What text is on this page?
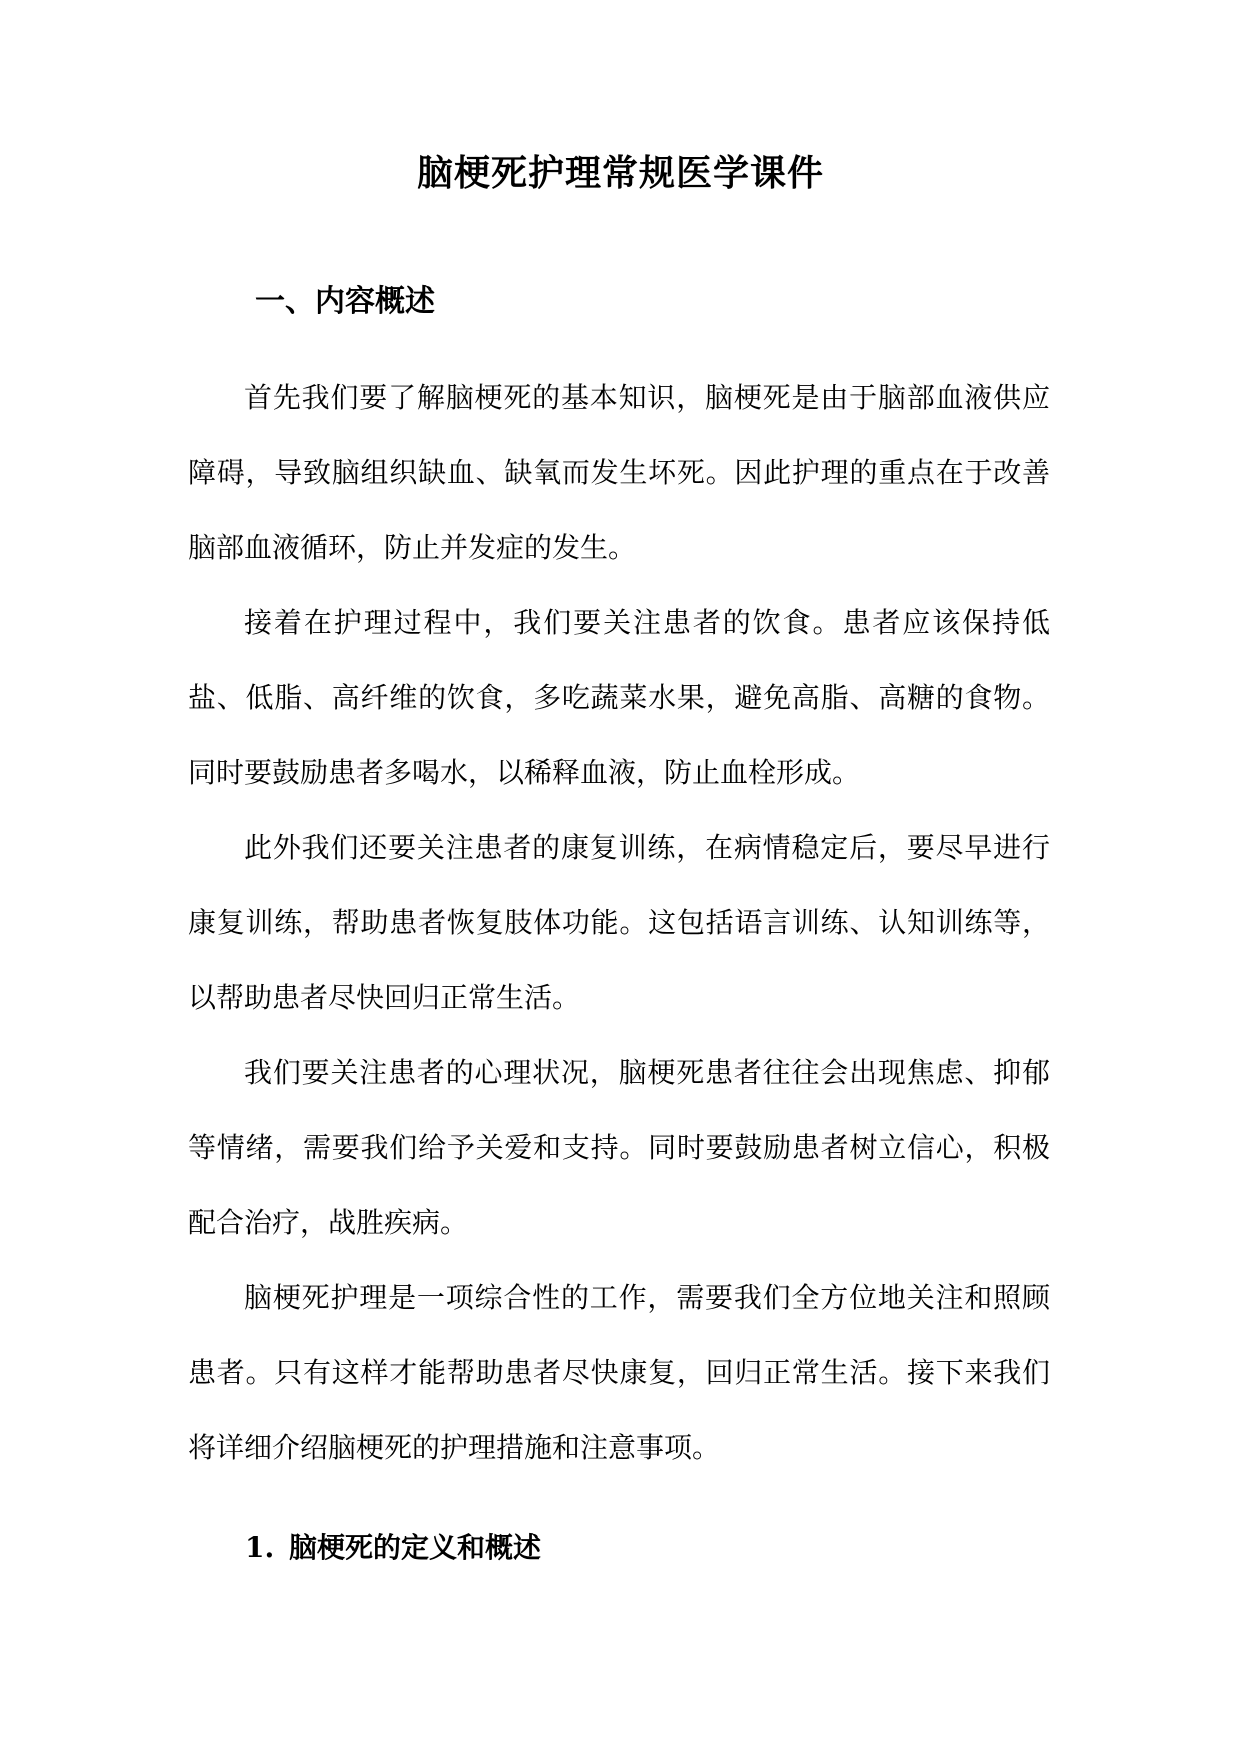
脑梗死护理常规医学课件
一、内容概述

首先我们要了解脑梗死的基本知识，脑梗死是由于脑部血液供应障碍，导致脑组织缺血、缺氧而发生坏死。因此护理的重点在于改善脑部血液循环，防止并发症的发生。

接着在护理过程中，我们要关注患者的饮食。患者应该保持低盐、低脂、高纤维的饮食，多吃蔬菜水果，避免高脂、高糖的食物。同时要鼓励患者多喝水，以稀释血液，防止血栓形成。

此外我们还要关注患者的康复训练，在病情稳定后，要尽早进行康复训练，帮助患者恢复肢体功能。这包括语言训练、认知训练等，以帮助患者尽快回归正常生活。

我们要关注患者的心理状况，脑梗死患者往往会出现焦虑、抑郁等情绪，需要我们给予关爱和支持。同时要鼓励患者树立信心，积极配合治疗，战胜疾病。

脑梗死护理是一项综合性的工作，需要我们全方位地关注和照顾患者。只有这样才能帮助患者尽快康复，回归正常生活。接下来我们将详细介绍脑梗死的护理措施和注意事项。

1. 脑梗死的定义和概述
